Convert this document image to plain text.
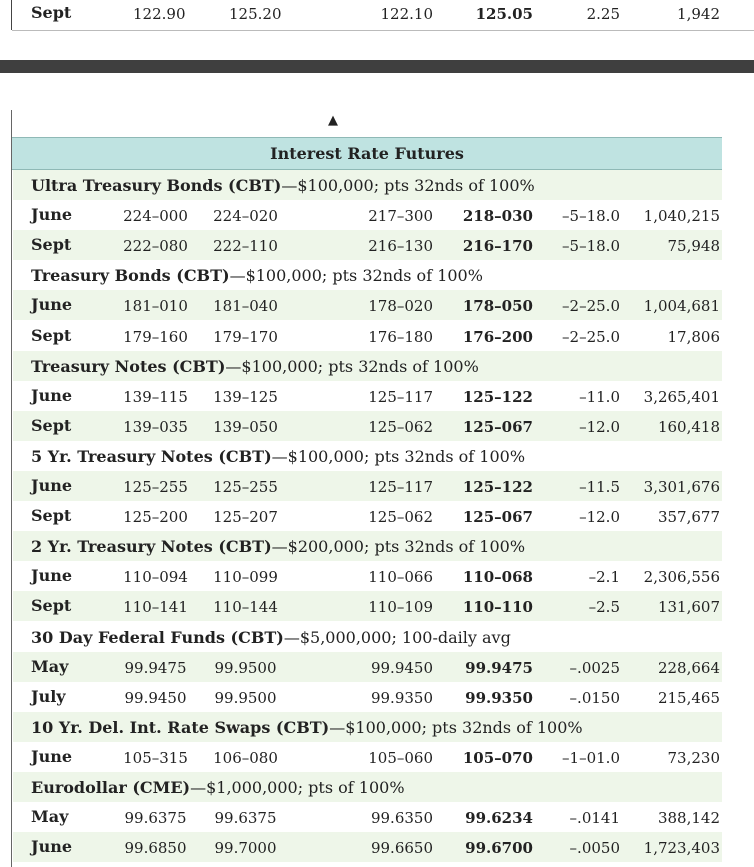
Sept	122.90	125.20	122.10	125.05	2.25	1,942
▲
Interest Rate Futures
Ultra Treasury Bonds (CBT)—$100,000; pts 32nds of 100%
June	224–000	224–020	217–300	218–030	–5–18.0	1,040,215
Sept	222–080	222–110	216–130	216–170	–5–18.0	75,948
Treasury Bonds (CBT)—$100,000; pts 32nds of 100%
June	181–010	181–040	178–020	178–050	–2–25.0	1,004,681
Sept	179–160	179–170	176–180	176–200	–2–25.0	17,806
Treasury Notes (CBT)—$100,000; pts 32nds of 100%
June	139–115	139–125	125–117	125–122	–11.0	3,265,401
Sept	139–035	139–050	125–062	125–067	–12.0	160,418
5 Yr. Treasury Notes (CBT)—$100,000; pts 32nds of 100%
June	125–255	125–255	125–117	125–122	–11.5	3,301,676
Sept	125–200	125–207	125–062	125–067	–12.0	357,677
2 Yr. Treasury Notes (CBT)—$200,000; pts 32nds of 100%
June	110–094	110–099	110–066	110–068	–2.1	2,306,556
Sept	110–141	110–144	110–109	110–110	–2.5	131,607
30 Day Federal Funds (CBT)—$5,000,000; 100-daily avg
May	99.9475	99.9500	99.9450	99.9475	–.0025	228,664
July	99.9450	99.9500	99.9350	99.9350	–.0150	215,465
10 Yr. Del. Int. Rate Swaps (CBT)—$100,000; pts 32nds of 100%
June	105–315	106–080	105–060	105–070	–1–01.0	73,230
Eurodollar (CME)—$1,000,000; pts of 100%
May	99.6375	99.6375	99.6350	99.6234	–.0141	388,142
June	99.6850	99.7000	99.6650	99.6700	–.0050	1,723,403
